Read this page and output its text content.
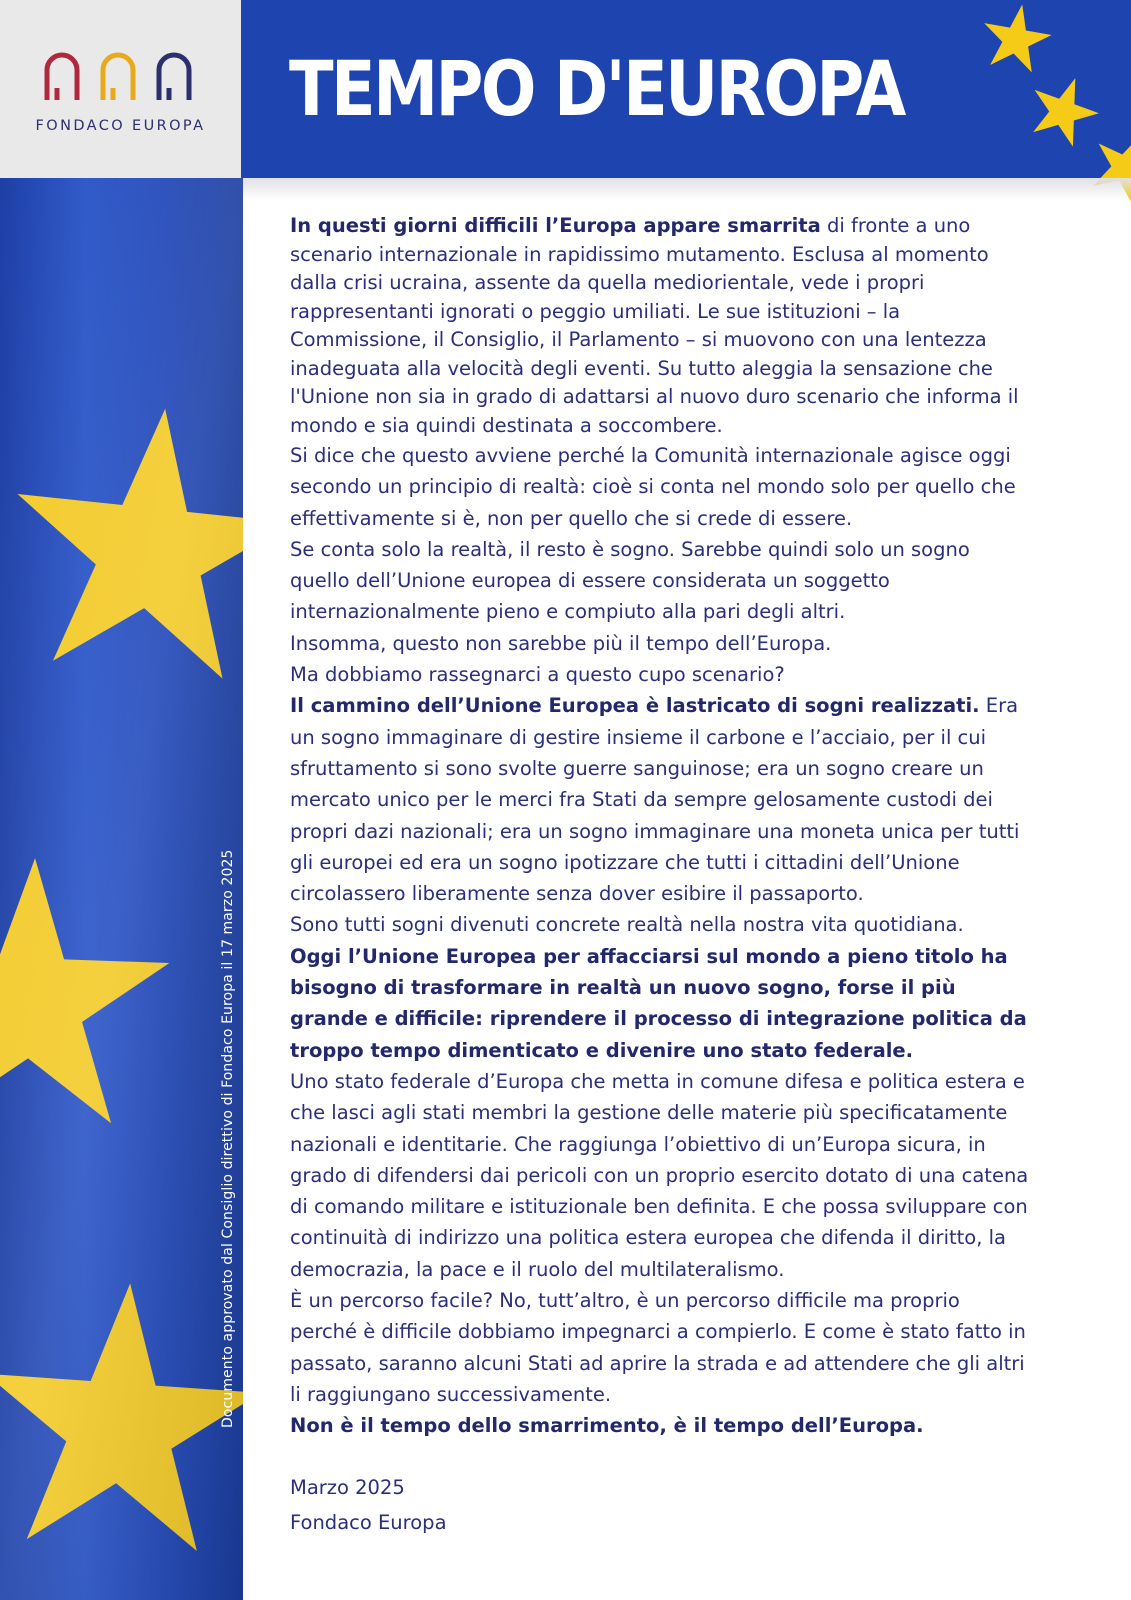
FONDACO EUROPA	TEMPO D'EUROPA
Documento approvato dal Consiglio direttivo di Fondaco Europa il 17 marzo 2025

In questi giorni difficili l’Europa appare smarrita di fronte a uno scenario internazionale in rapidissimo mutamento. Esclusa al momento dalla crisi ucraina, assente da quella mediorientale, vede i propri rappresentanti ignorati o peggio umiliati. Le sue istituzioni – la Commissione, il Consiglio, il Parlamento – si muovono con una lentezza inadeguata alla velocità degli eventi. Su tutto aleggia la sensazione che l'Unione non sia in grado di adattarsi al nuovo duro scenario che informa il mondo e sia quindi destinata a soccombere.

Si dice che questo avviene perché la Comunità internazionale agisce oggi secondo un principio di realtà: cioè si conta nel mondo solo per quello che effettivamente si è, non per quello che si crede di essere.

Se conta solo la realtà, il resto è sogno. Sarebbe quindi solo un sogno quello dell’Unione europea di essere considerata un soggetto internazionalmente pieno e compiuto alla pari degli altri.

Insomma, questo non sarebbe più il tempo dell’Europa.

Ma dobbiamo rassegnarci a questo cupo scenario?

Il cammino dell’Unione Europea è lastricato di sogni realizzati. Era un sogno immaginare di gestire insieme il carbone e l’acciaio, per il cui sfruttamento si sono svolte guerre sanguinose; era un sogno creare un mercato unico per le merci fra Stati da sempre gelosamente custodi dei propri dazi nazionali; era un sogno immaginare una moneta unica per tutti gli europei ed era un sogno ipotizzare che tutti i cittadini dell’Unione circolassero liberamente senza dover esibire il passaporto.

Sono tutti sogni divenuti concrete realtà nella nostra vita quotidiana.

Oggi l’Unione Europea per affacciarsi sul mondo a pieno titolo ha bisogno di trasformare in realtà un nuovo sogno, forse il più grande e difficile: riprendere il processo di integrazione politica da troppo tempo dimenticato e divenire uno stato federale.

Uno stato federale d’Europa che metta in comune difesa e politica estera e che lasci agli stati membri la gestione delle materie più specificatamente nazionali e identitarie. Che raggiunga l’obiettivo di un’Europa sicura, in grado di difendersi dai pericoli con un proprio esercito dotato di una catena di comando militare e istituzionale ben definita. E che possa sviluppare con continuità di indirizzo una politica estera europea che difenda il diritto, la democrazia, la pace e il ruolo del multilateralismo.

È un percorso facile? No, tutt’altro, è un percorso difficile ma proprio perché è difficile dobbiamo impegnarci a compierlo. E come è stato fatto in passato, saranno alcuni Stati ad aprire la strada e ad attendere che gli altri li raggiungano successivamente.

Non è il tempo dello smarrimento, è il tempo dell’Europa.

Marzo 2025

Fondaco Europa
